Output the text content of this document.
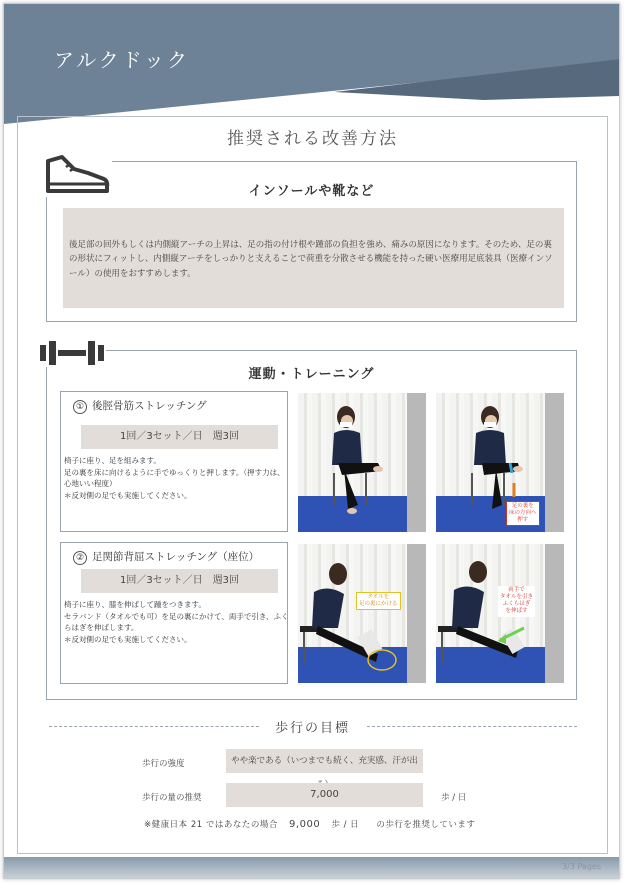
アルクドック
推奨される改善方法
インソールや靴など
後足部の回外もしくは内側縦アーチの上昇は、足の指の付け根や踵部の負担を強め、痛みの原因になります。そのため、足の裏の形状にフィットし、内側縦アーチをしっかりと支えることで荷重を分散させる機能を持った硬い医療用足底装具（医療インソール）の使用をおすすめします。
運動・トレーニング
① 後脛骨筋ストレッチング
1回／3セット／日　週3回
椅子に座り、足を組みます。
足の裏を床に向けるように手でゆっくりと押します。（押す力は、心地いい程度）
＊反対側の足でも実施してください。
足の裏を
床の方向へ
押す
② 足関節背屈ストレッチング（座位）
1回／3セット／日　週3回
椅子に座り、膝を伸ばして踵をつきます。
セラバンド（タオルでも可）を足の裏にかけて、両手で引き、ふくらはぎを伸ばします。
＊反対側の足でも実施してください。
タオルを
足の裏にかける
両手で
タオルを引き
ふくらはぎ
を伸ばす
歩行の目標
歩行の強度	やや楽である（いつまでも続く、充実感、汗が出
歩行の量の推奨	7,000	歩 / 日
※健康日本 21 ではあなたの場合 9,000 歩 / 日 の歩行を推奨しています
3/3 Pages
